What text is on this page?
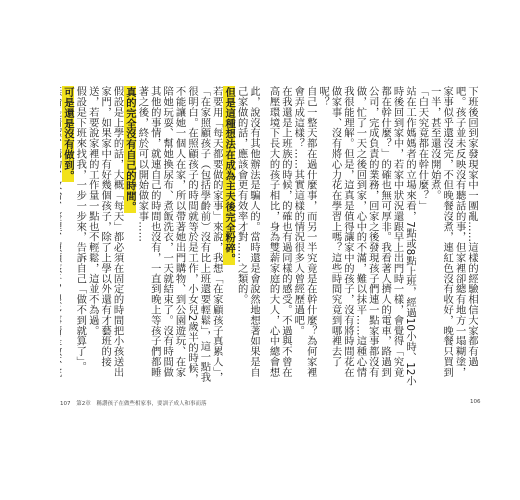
下班後回到家發現家中一團亂……這樣的經驗相信大家都有過吧。孩子並未反映沒有聽話的事，但家裡卻總有地方一塌糊塗，家事似乎還沒完，不但晚餐沒煮，連紅色沒有收好，晚餐只買到一半，甚至還沒開始煮。

「白天究竟都在幹什麼？」

站在工作媽媽者的立場來看，7點或8點上班，經過10小時、12小時後回到家中，若家中狀況還跟早上出門時一樣，會覺得「究竟都在幹什麼？」的確也無可厚非。我看著人擠人的電車，路過到公司，完成負責的業務，回家之後發現孩子們連一點家事都沒有做，忙了一天之後回到家，心中的不滿，難以抹平……這種心情我很能理解。但是，這真是值得讓家中的孩子，沒有將時間花在做家事、沒有將心力花在學習上嗎？這些時間究竟到哪裡去了呢？

自己一整天都在過什麼事，而另一半究竟是在幹什麼？為何家裡會弄成這樣？……其實這樣的情況很多人曾經歷過吧。

在我還是上班族的時候，的確也有過同樣的感受。不過與不曾在高壓環境下長大的孩子相比，身為雙薪家庭的大人，心中總會想

此，說沒有其他辦法是騙人的。當時還是會說然地想著如果是自己家做的話，應該會更有效率才對……之類的。

但是這種想法在成為主夫後完全粉碎。

若要用「每天都要做的家事」來說，我想「在家顧孩子真累人」，「在家照顧孩子（包括學齡前）沒有比上班還要輕鬆」，這一點我很明白。在照顧孩子的時間就等於是工作，小女兒2歲半的時候，不能讓她一個人在家，所以帶著她出門購物、到公園遊玩、在家陪她玩耍、幫她換尿布、煮飯洗衣，一天就結束了。沒有時間做其他的事情，就連自己的時間也沒有，一直到晚上等孩子們都睡著之後，終於可以開始做家事……

真的完全沒有自己的時間。

假設是上學的話，大概「每天」都必須在固定的時間把小孩送出家門，如果家中有好幾個孩子，除了上學以外還有才藝班的接送，若要說家裡的工作量一點也不輕鬆，這並不為過。

假設是下班來找我，一步一步來，告訴自己「做不到就算了」。

可是還是沒有做到。

107 第2章 稱讚孩子在做些相家事，要訓子成人和事而落	106
